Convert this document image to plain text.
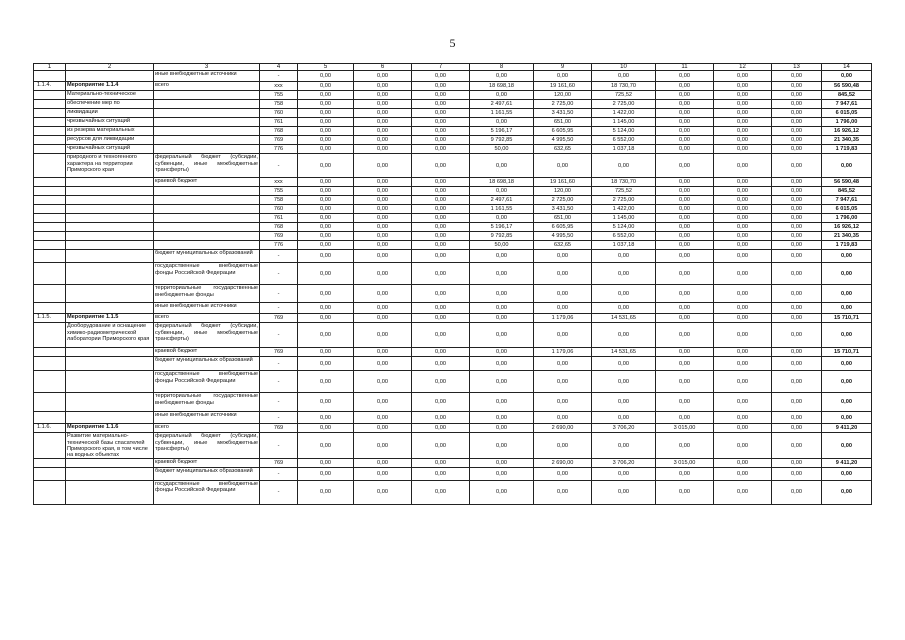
5
1	2	3	4	5	6	7	8	9	10	11	12	13	14
		иные внебюджетные источники	-	0,00	0,00	0,00	0,00	0,00	0,00	0,00	0,00	0,00	0,00
1.1.4.	Мероприятие 1.1.4	всего	ххх	0,00	0,00	0,00	18 698,18	19 161,60	18 730,70	0,00	0,00	0,00	56 590,48
	Материально-техническое		755	0,00	0,00	0,00	0,00	120,00	725,52	0,00	0,00	0,00	845,52
	обеспечение мер по		758	0,00	0,00	0,00	2 497,61	2 725,00	2 725,00	0,00	0,00	0,00	7 947,61
	ликвидации		760	0,00	0,00	0,00	1 161,55	3 431,50	1 422,00	0,00	0,00	0,00	6 015,05
	чрезвычайных ситуаций		761	0,00	0,00	0,00	0,00	651,00	1 145,00	0,00	0,00	0,00	1 796,00
	из резерва материальных		768	0,00	0,00	0,00	5 196,17	6 605,95	5 124,00	0,00	0,00	0,00	16 926,12
	ресурсов для ликвидации		769	0,00	0,00	0,00	9 792,85	4 995,50	6 552,00	0,00	0,00	0,00	21 340,35
	чрезвычайных ситуаций		776	0,00	0,00	0,00	50,00	632,65	1 037,18	0,00	0,00	0,00	1 719,83
	природного и техногенного характера на территории Приморского края	федеральный бюджет (субсидии, субвенции, иные межбюджетные трансферты)	-	0,00	0,00	0,00	0,00	0,00	0,00	0,00	0,00	0,00	0,00
		краевой бюджет	ххх	0,00	0,00	0,00	18 698,18	19 161,60	18 730,70	0,00	0,00	0,00	56 590,48
			755	0,00	0,00	0,00	0,00	120,00	725,52	0,00	0,00	0,00	845,52
			758	0,00	0,00	0,00	2 497,61	2 725,00	2 725,00	0,00	0,00	0,00	7 947,61
			760	0,00	0,00	0,00	1 161,55	3 431,50	1 422,00	0,00	0,00	0,00	6 015,05
			761	0,00	0,00	0,00	0,00	651,00	1 145,00	0,00	0,00	0,00	1 796,00
			768	0,00	0,00	0,00	5 196,17	6 605,95	5 124,00	0,00	0,00	0,00	16 926,12
			769	0,00	0,00	0,00	9 792,85	4 995,50	6 552,00	0,00	0,00	0,00	21 340,35
			776	0,00	0,00	0,00	50,00	632,65	1 037,18	0,00	0,00	0,00	1 719,83
		бюджет муниципальных образований	-	0,00	0,00	0,00	0,00	0,00	0,00	0,00	0,00	0,00	0,00
		государственные внебюджетные фонды Российской Федерации	-	0,00	0,00	0,00	0,00	0,00	0,00	0,00	0,00	0,00	0,00
		территориальные государственные внебюджетные фонды	-	0,00	0,00	0,00	0,00	0,00	0,00	0,00	0,00	0,00	0,00
		иные внебюджетные источники	-	0,00	0,00	0,00	0,00	0,00	0,00	0,00	0,00	0,00	0,00
1.1.5.	Мероприятие 1.1.5	всего	769	0,00	0,00	0,00	0,00	1 179,06	14 531,65	0,00	0,00	0,00	15 710,71
	Дооборудование и оснащение химико-радиометрической лаборатории Приморского края	федеральный бюджет (субсидии, субвенции, иные межбюджетные трансферты)	-	0,00	0,00	0,00	0,00	0,00	0,00	0,00	0,00	0,00	0,00
		краевой бюджет	769	0,00	0,00	0,00	0,00	1 179,06	14 531,65	0,00	0,00	0,00	15 710,71
		бюджет муниципальных образований	-	0,00	0,00	0,00	0,00	0,00	0,00	0,00	0,00	0,00	0,00
		государственные внебюджетные фонды Российской Федерации	-	0,00	0,00	0,00	0,00	0,00	0,00	0,00	0,00	0,00	0,00
		территориальные государственные внебюджетные фонды	-	0,00	0,00	0,00	0,00	0,00	0,00	0,00	0,00	0,00	0,00
		иные внебюджетные источники	-	0,00	0,00	0,00	0,00	0,00	0,00	0,00	0,00	0,00	0,00
1.1.6.	Мероприятие 1.1.6	всего	769	0,00	0,00	0,00	0,00	2 690,00	3 706,20	3 015,00	0,00	0,00	9 411,20
	Развитие материально-технической базы спасателей Приморского края, в том числе на водных объектах	федеральный бюджет (субсидии, субвенции, иные межбюджетные трансферты)	-	0,00	0,00	0,00	0,00	0,00	0,00	0,00	0,00	0,00	0,00
		краевой бюджет	769	0,00	0,00	0,00	0,00	2 690,00	3 706,20	3 015,00	0,00	0,00	9 411,20
		бюджет муниципальных образований	-	0,00	0,00	0,00	0,00	0,00	0,00	0,00	0,00	0,00	0,00
		государственные внебюджетные фонды Российской Федерации	-	0,00	0,00	0,00	0,00	0,00	0,00	0,00	0,00	0,00	0,00
